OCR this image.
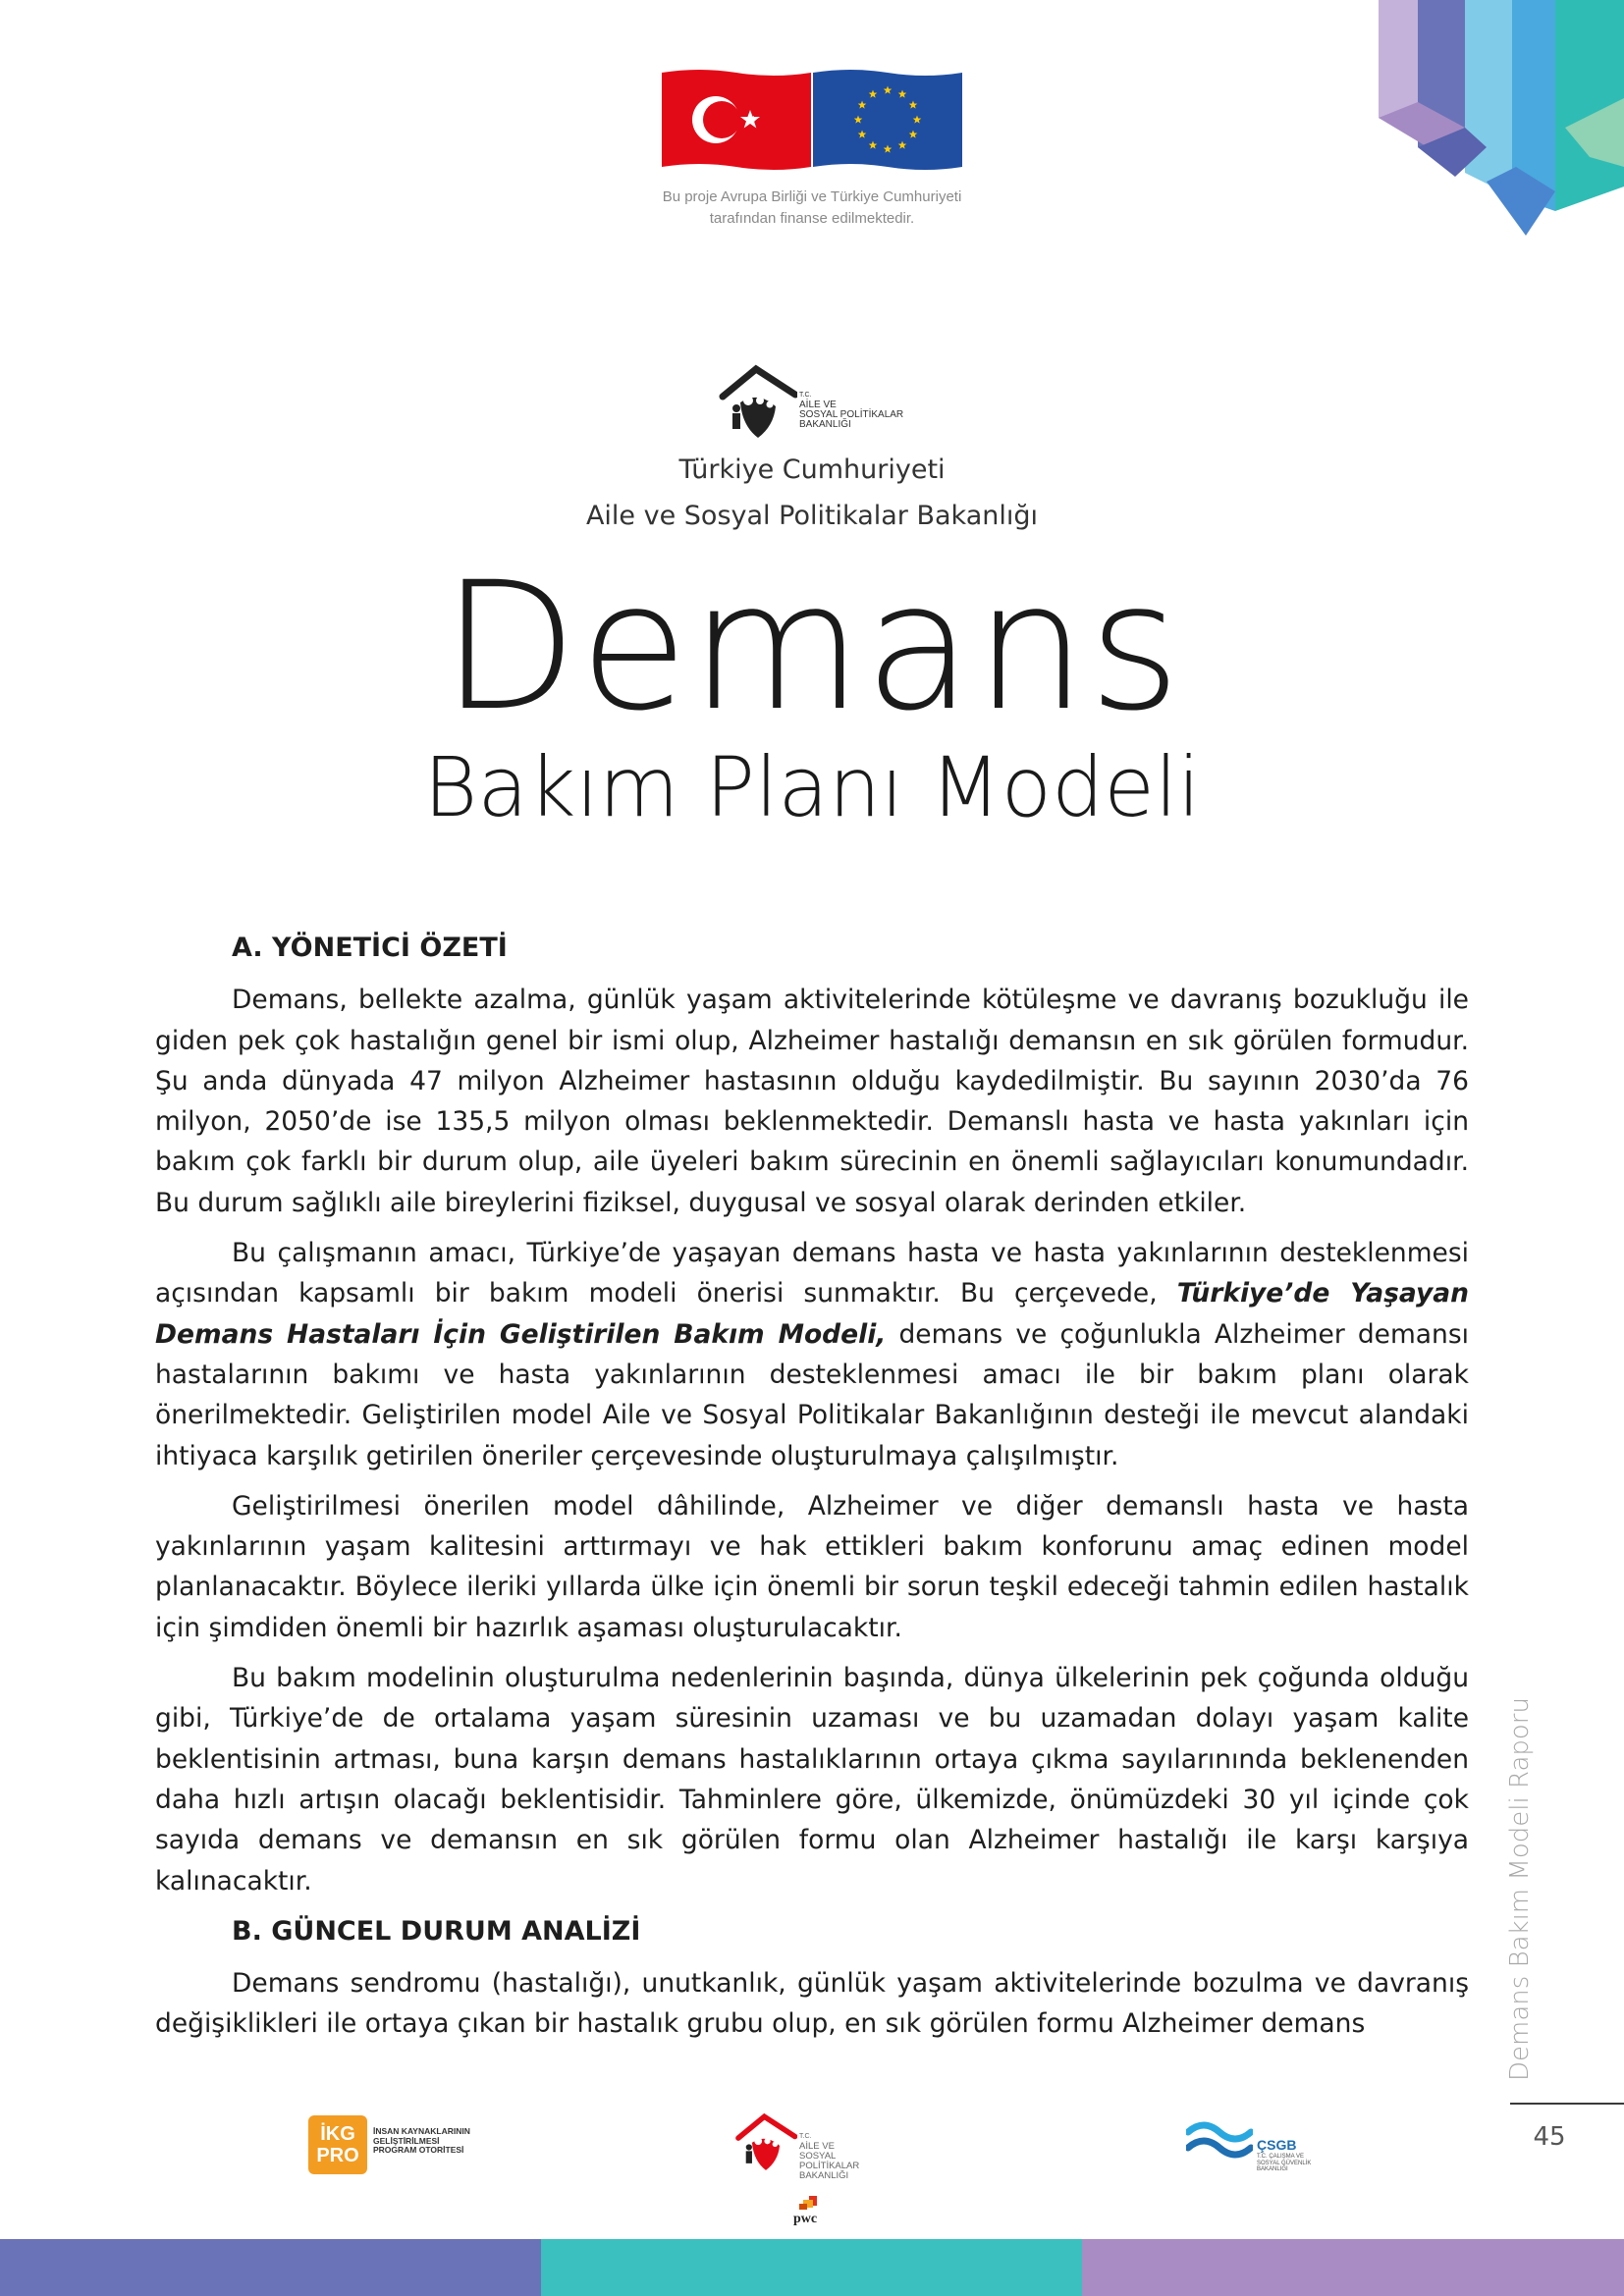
Bu proje Avrupa Birliği ve Türkiye Cumhuriyeti
tarafından finanse edilmektedir.
T.C.
AİLE VE
SOSYAL POLİTİKALAR
BAKANLIĞI
Türkiye Cumhuriyeti
Aile ve Sosyal Politikalar Bakanlığı
Demans
Bakım Planı Modeli
A. YÖNETİCİ ÖZETİ

Demans, bellekte azalma, günlük yaşam aktivitelerinde kötüleşme ve davranış bozukluğu ile giden pek çok hastalığın genel bir ismi olup, Alzheimer hastalığı demansın en sık görülen formudur. Şu anda dünyada 47 milyon Alzheimer hastasının olduğu kaydedilmiştir. Bu sayının 2030’da 76 milyon, 2050’de ise 135,5 milyon olması beklenmektedir. Demanslı hasta ve hasta yakınları için bakım çok farklı bir durum olup, aile üyeleri bakım sürecinin en önemli sağlayıcıları konumundadır. Bu durum sağlıklı aile bireylerini fiziksel, duygusal ve sosyal olarak derinden etkiler.

Bu çalışmanın amacı, Türkiye’de yaşayan demans hasta ve hasta yakınlarının desteklenmesi açısından kapsamlı bir bakım modeli önerisi sunmaktır. Bu çerçevede, Türkiye’de Yaşayan Demans Hastaları İçin Geliştirilen Bakım Modeli, demans ve çoğunlukla Alzheimer demansı hastalarının bakımı ve hasta yakınlarının desteklenmesi amacı ile bir bakım planı olarak önerilmektedir. Geliştirilen model Aile ve Sosyal Politikalar Bakanlığının desteği ile mevcut alandaki ihtiyaca karşılık getirilen öneriler çerçevesinde oluşturulmaya çalışılmıştır.

Geliştirilmesi önerilen model dâhilinde, Alzheimer ve diğer demanslı hasta ve hasta yakınlarının yaşam kalitesini arttırmayı ve hak ettikleri bakım konforunu amaç edinen model planlanacaktır. Böylece ileriki yıllarda ülke için önemli bir sorun teşkil edeceği tahmin edilen hastalık için şimdiden önemli bir hazırlık aşaması oluşturulacaktır.

Bu bakım modelinin oluşturulma nedenlerinin başında, dünya ülkelerinin pek çoğunda olduğu gibi, Türkiye’de de ortalama yaşam süresinin uzaması ve bu uzamadan dolayı yaşam kalite beklentisinin artması, buna karşın demans hastalıklarının ortaya çıkma sayılarınında beklenenden daha hızlı artışın olacağı beklentisidir. Tahminlere göre, ülkemizde, önümüzdeki 30 yıl içinde çok sayıda demans ve demansın en sık görülen formu olan Alzheimer hastalığı ile karşı karşıya kalınacaktır.

B. GÜNCEL DURUM ANALİZİ

Demans sendromu (hastalığı), unutkanlık, günlük yaşam aktivitelerinde bozulma ve davranış değişiklikleri ile ortaya çıkan bir hastalık grubu olup, en sık görülen formu Alzheimer demans	Demans Bakım Modeli Raporu
45
İKG
PRO
İNSAN KAYNAKLARININ
GELİŞTİRİLMESİ
PROGRAM OTORİTESİ
T.C.
AİLE VE
SOSYAL POLİTİKALAR
BAKANLIĞI
pwc
ÇSGB
T.C. ÇALIŞMA VE
SOSYAL GÜVENLİK
BAKANLIĞI
